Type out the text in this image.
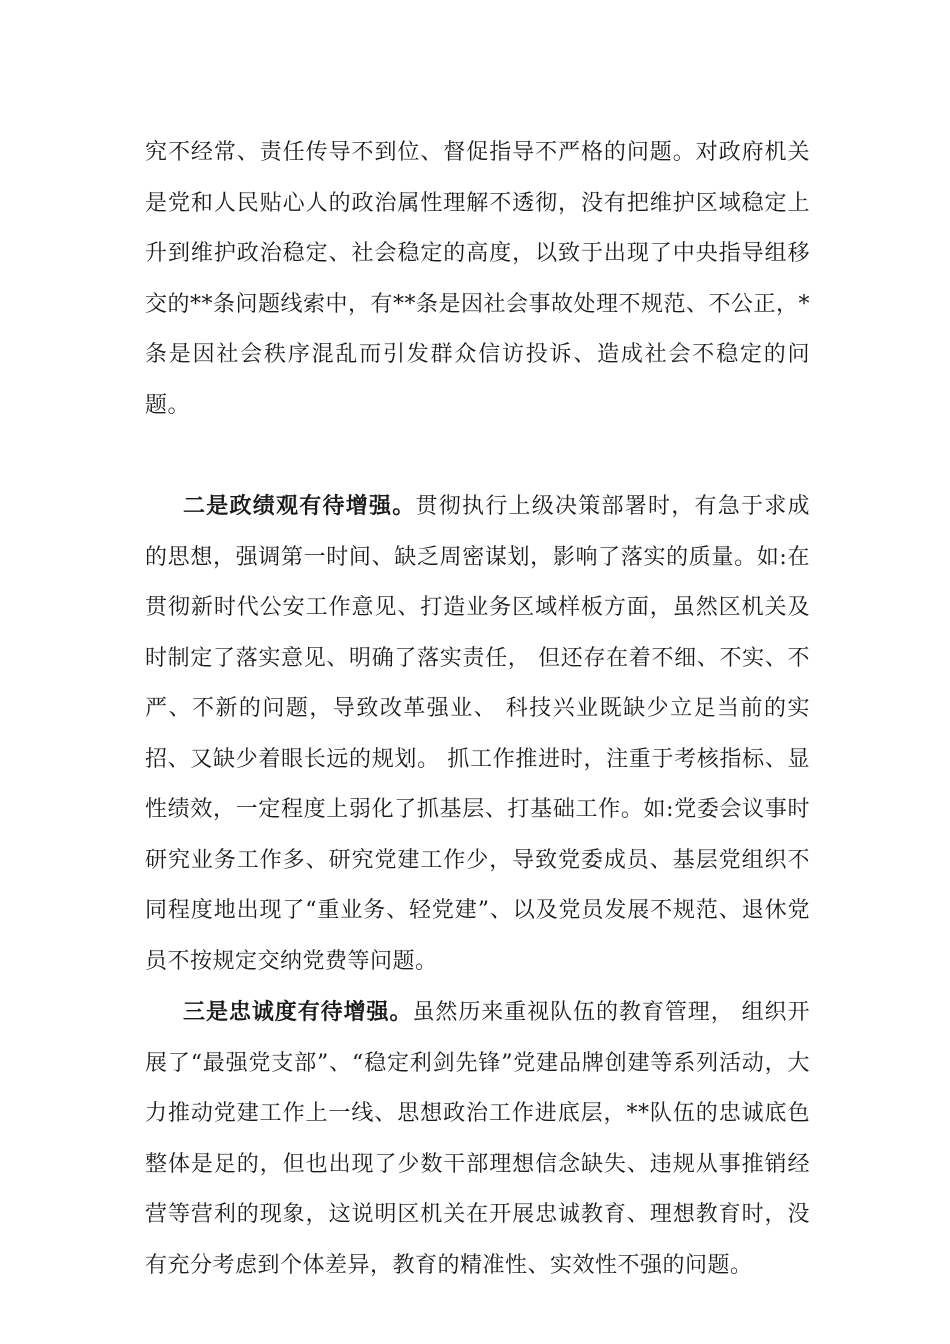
究不经常、责任传导不到位、督促指导不严格的问题。对政府机关是党和人民贴心人的政治属性理解不透彻，没有把维护区域稳定上升到维护政治稳定、社会稳定的高度，以致于出现了中央指导组移交的**条问题线索中，有**条是因社会事故处理不规范、不公正，*条是因社会秩序混乱而引发群众信访投诉、造成社会不稳定的问题。

二是政绩观有待增强。贯彻执行上级决策部署时，有急于求成的思想，强调第一时间、缺乏周密谋划，影响了落实的质量。如:在贯彻新时代公安工作意见、打造业务区域样板方面，虽然区机关及时制定了落实意见、明确了落实责任， 但还存在着不细、不实、不严、不新的问题，导致改革强业、 科技兴业既缺少立足当前的实招、又缺少着眼长远的规划。 抓工作推进时，注重于考核指标、显性绩效，一定程度上弱化了抓基层、打基础工作。如:党委会议事时研究业务工作多、研究党建工作少，导致党委成员、基层党组织不同程度地出现了“重业务、轻党建”、以及党员发展不规范、退休党员不按规定交纳党费等问题。

三是忠诚度有待增强。虽然历来重视队伍的教育管理， 组织开展了“最强党支部”、“稳定利剑先锋”党建品牌创建等系列活动，大力推动党建工作上一线、思想政治工作进底层，**队伍的忠诚底色整体是足的，但也出现了少数干部理想信念缺失、违规从事推销经营等营利的现象，这说明区机关在开展忠诚教育、理想教育时，没有充分考虑到个体差异，教育的精准性、实效性不强的问题。
